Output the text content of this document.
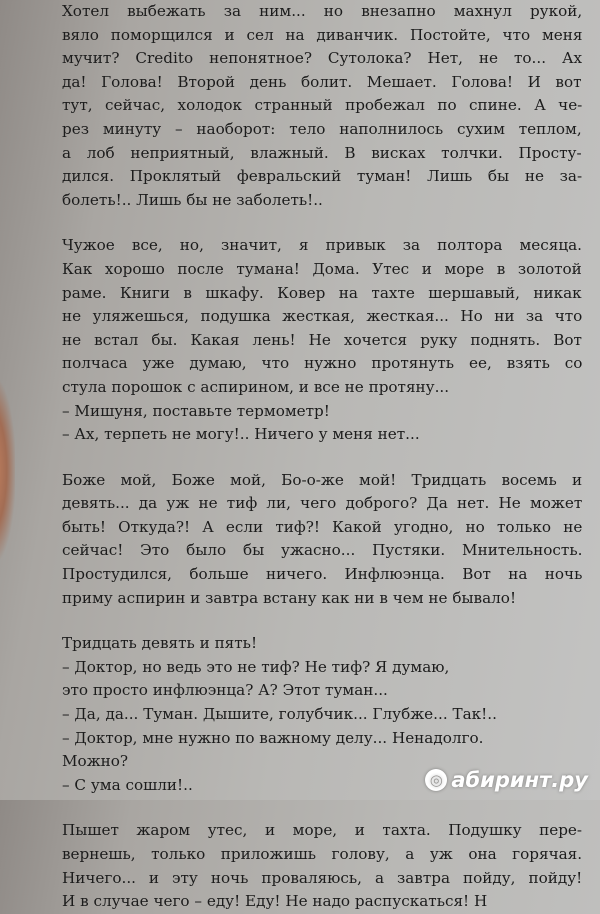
Хотел выбежать за ним... но внезапно махнул рукой,
вяло поморщился и сел на диванчик. Постойте, что меня
мучит? Credito непонятное? Сутолока? Нет, не то... Ах
да! Голова! Второй день болит. Мешает. Голова! И вот
тут, сейчас, холодок странный пробежал по спине. А че-
рез минуту – наоборот: тело наполнилось сухим теплом,
а лоб неприятный, влажный. В висках толчки. Просту-
дился. Проклятый февральский туман! Лишь бы не за-
болеть!.. Лишь бы не заболеть!..
Чужое все, но, значит, я привык за полтора месяца.
Как хорошо после тумана! Дома. Утес и море в золотой
раме. Книги в шкафу. Ковер на тахте шершавый, никак
не уляжешься, подушка жесткая, жесткая... Но ни за что
не встал бы. Какая лень! Не хочется руку поднять. Вот
полчаса уже думаю, что нужно протянуть ее, взять со
стула порошок с аспирином, и все не протяну...
– Мишуня, поставьте термометр!
– Ах, терпеть не могу!.. Ничего у меня нет...
Боже мой, Боже мой, Бо-о-же мой! Тридцать восемь и
девять... да уж не тиф ли, чего доброго? Да нет. Не может
быть! Откуда?! А если тиф?! Какой угодно, но только не
сейчас! Это было бы ужасно... Пустяки. Мнительность.
Простудился, больше ничего. Инфлюэнца. Вот на ночь
приму аспирин и завтра встану как ни в чем не бывало!
Тридцать девять и пять!
– Доктор, но ведь это не тиф? Не тиф? Я думаю,
это просто инфлюэнца? А? Этот туман...
– Да, да... Туман. Дышите, голубчик... Глубже... Так!..
– Доктор, мне нужно по важному делу... Ненадолго.
Можно?
– С ума сошли!..
Пышет жаром утес, и море, и тахта. Подушку пере-
вернешь, только приложишь голову, а уж она горячая.
Ничего... и эту ночь проваляюсь, а завтра пойду, пойду!
И в случае чего – еду! Еду! Не надо распускаться! Н
◎ абиринт.ру
